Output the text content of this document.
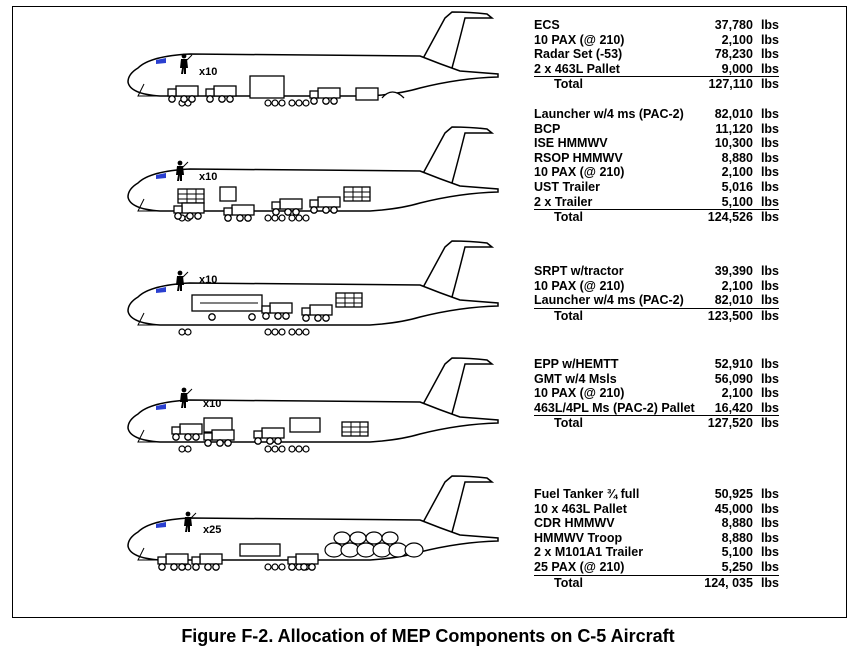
x10
x10
x10
x10
x25
ECS	37,780 lbs
10 PAX (@ 210)	2,100 lbs
Radar Set (-53)	78,230 lbs
2 x 463L Pallet	9,000 lbs
Total	127,110 lbs
Launcher w/4 ms (PAC-2) 82,010 lbs
BCP	11,120 lbs
ISE HMMWV	10,300 lbs
RSOP HMMWV	8,880 lbs
10 PAX (@ 210)	2,100 lbs
UST Trailer	5,016 lbs
2 x Trailer	5,100 lbs
Total	124,526 lbs
SRPT w/tractor	39,390 lbs
10 PAX (@ 210)	2,100 lbs
Launcher w/4 ms (PAC-2) 82,010 lbs
Total	123,500 lbs
EPP w/HEMTT	52,910 lbs
GMT w/4 Msls	56,090 lbs
10 PAX (@ 210)	2,100 lbs
463L/4PL Ms (PAC-2) Pallet 16,420 lbs
Total	127,520 lbs
Fuel Tanker ¾ full	50,925 lbs
10 x 463L Pallet	45,000 lbs
CDR HMMWV	8,880 lbs
HMMWV Troop	8,880 lbs
2 x M101A1 Trailer	5,100 lbs
25 PAX (@ 210)	5,250 lbs
Total	124, 035 lbs
Figure F-2. Allocation of MEP Components on C-5 Aircraft
